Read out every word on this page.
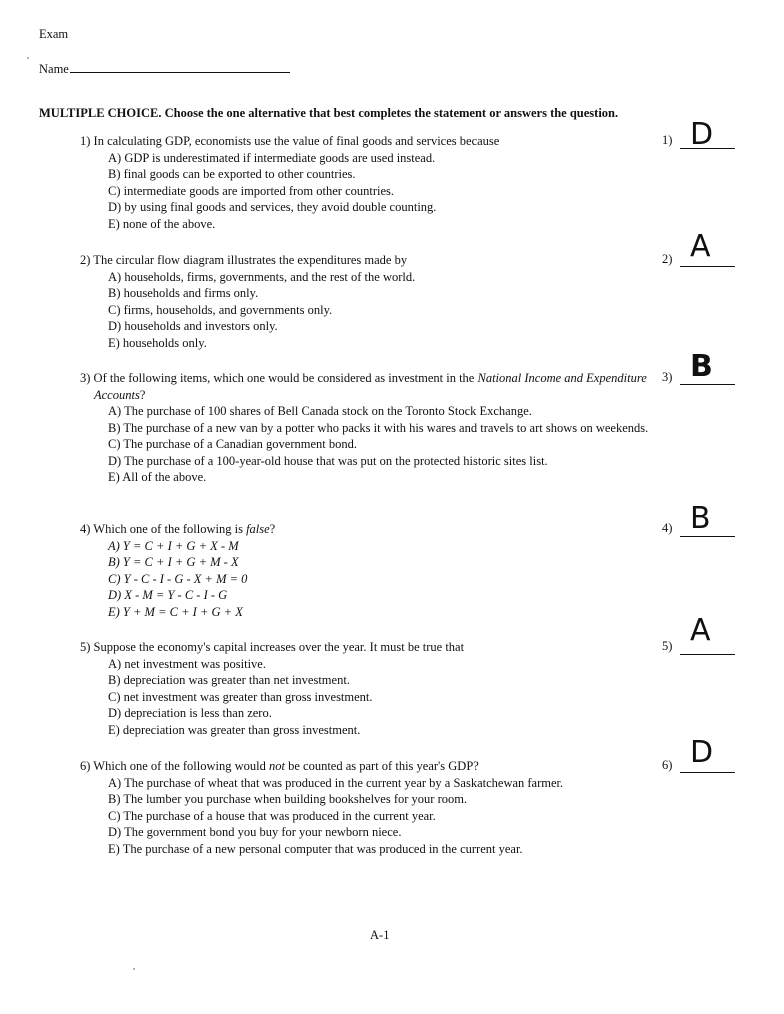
Exam
Name
MULTIPLE CHOICE. Choose the one alternative that best completes the statement or answers the question.
1) In calculating GDP, economists use the value of final goods and services because
A) GDP is underestimated if intermediate goods are used instead.
B) final goods can be exported to other countries.
C) intermediate goods are imported from other countries.
D) by using final goods and services, they avoid double counting.
E) none of the above.
1) D
2) The circular flow diagram illustrates the expenditures made by
A) households, firms, governments, and the rest of the world.
B) households and firms only.
C) firms, households, and governments only.
D) households and investors only.
E) households only.
2) A
3) Of the following items, which one would be considered as investment in the National Income and Expenditure Accounts?
A) The purchase of 100 shares of Bell Canada stock on the Toronto Stock Exchange.
B) The purchase of a new van by a potter who packs it with his wares and travels to art shows on weekends.
C) The purchase of a Canadian government bond.
D) The purchase of a 100-year-old house that was put on the protected historic sites list.
E) All of the above.
3) B
4) Which one of the following is false?
A) Y = C + I + G + X - M
B) Y = C + I + G + M - X
C) Y - C - I - G - X + M = 0
D) X - M = Y - C - I - G
E) Y + M = C + I + G + X
4) B
5) Suppose the economy's capital increases over the year. It must be true that
A) net investment was positive.
B) depreciation was greater than net investment.
C) net investment was greater than gross investment.
D) depreciation is less than zero.
E) depreciation was greater than gross investment.
5) A
6) Which one of the following would not be counted as part of this year's GDP?
A) The purchase of wheat that was produced in the current year by a Saskatchewan farmer.
B) The lumber you purchase when building bookshelves for your room.
C) The purchase of a house that was produced in the current year.
D) The government bond you buy for your newborn niece.
E) The purchase of a new personal computer that was produced in the current year.
6) D
A-1
